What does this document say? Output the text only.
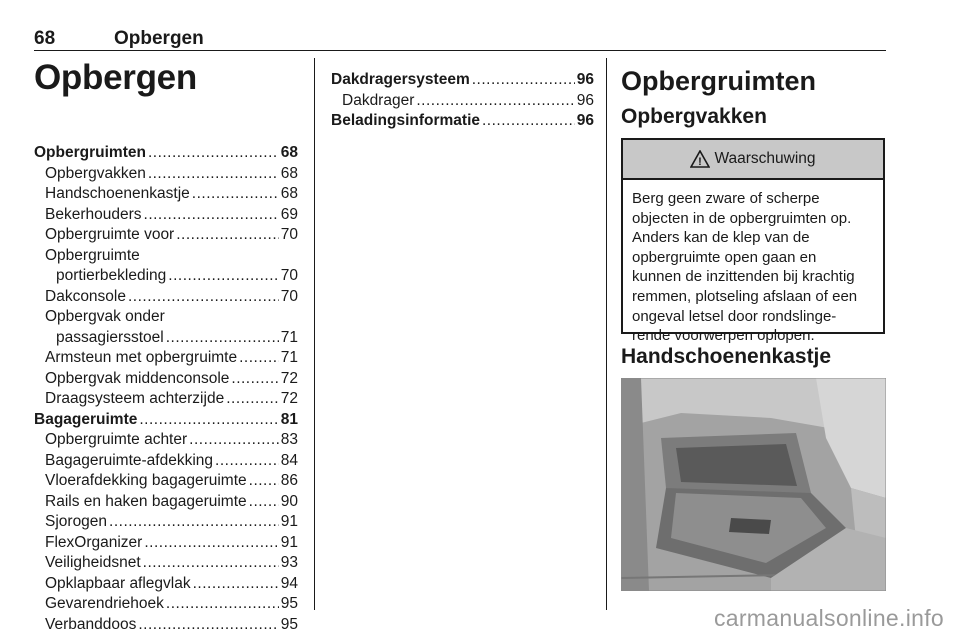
68	Opbergen
Opbergen
Opbergruimten .....	68
Opbergvakken .....	68
Handschoenenkastje .....	68
Bekerhouders .....	69
Opbergruimte voor .....	70
Opbergruimte
portierbekleding .....	70
Dakconsole .....	70
Opbergvak onder
passagiersstoel .....	71
Armsteun met opbergruimte .....	71
Opbergvak middenconsole .....	72
Draagsysteem achterzijde .....	72
Bagageruimte .....	81
Opbergruimte achter .....	83
Bagageruimte-afdekking .....	84
Vloerafdekking bagageruimte ..... 86
Rails en haken bagageruimte ..... 90
Sjorogen .....	91
FlexOrganizer .....	91
Veiligheidsnet .....	93
Opklapbaar aflegvlak .....	94
Gevarendriehoek .....	95
Verbanddoos .....	95
Dakdragersysteem .....	96
Dakdrager .....	96
Beladingsinformatie .....	96
Opbergruimten
Opbergvakken
! Waarschuwing
Berg geen zware of scherpe
objecten in de opbergruimten op.
Anders kan de klep van de
opbergruimte open gaan en
kunnen de inzittenden bij krachtig
remmen, plotseling afslaan of een
ongeval letsel door rondslinge-
rende voorwerpen oplopen.
Handschoenenkastje
carmanualsonline.info
